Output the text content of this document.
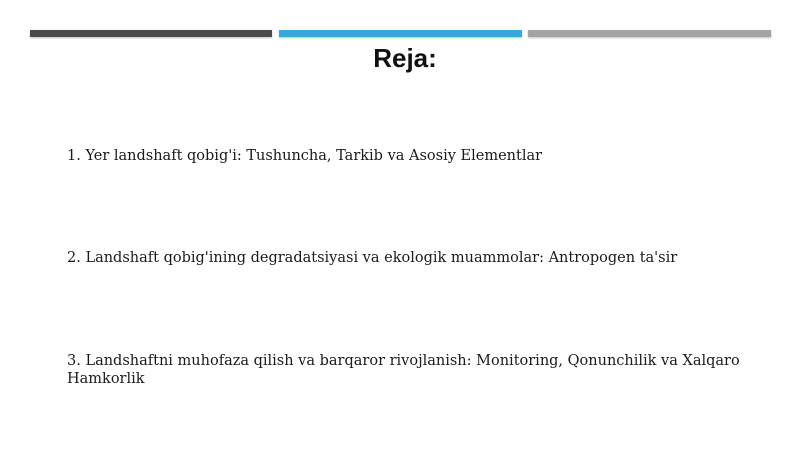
Reja:
1. Yer landshaft qobig'i: Tushuncha, Tarkib va Asosiy Elementlar
2. Landshaft qobig'ining degradatsiyasi va ekologik muammolar: Antropogen ta'sir
3. Landshaftni muhofaza qilish va barqaror rivojlanish: Monitoring, Qonunchilik va Xalqaro Hamkorlik
